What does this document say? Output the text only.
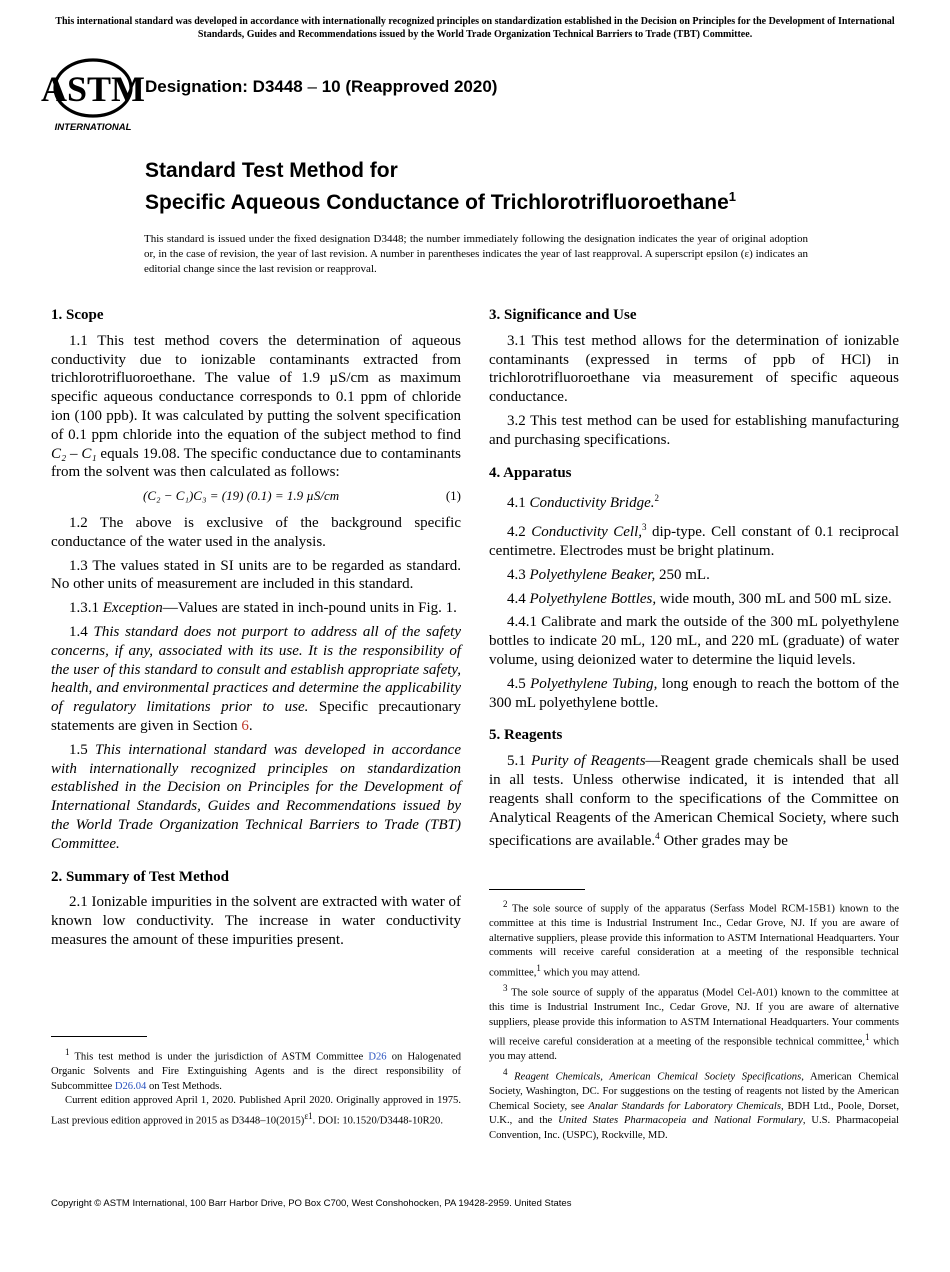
This international standard was developed in accordance with internationally recognized principles on standardization established in the Decision on Principles for the Development of International Standards, Guides and Recommendations issued by the World Trade Organization Technical Barriers to Trade (TBT) Committee.
ASTM
INTERNATIONAL
Designation: D3448 – 10 (Reapproved 2020)
Standard Test Method for
Specific Aqueous Conductance of Trichlorotrifluoroethane$^1$
This standard is issued under the fixed designation D3448; the number immediately following the designation indicates the year of original adoption or, in the case of revision, the year of last revision. A number in parentheses indicates the year of last reapproval. A superscript epsilon (ε) indicates an editorial change since the last revision or reapproval.
1. Scope

1.1 This test method covers the determination of aqueous conductivity due to ionizable contaminants extracted from trichlorotrifluoroethane. The value of 1.9 µS/cm as maximum specific aqueous conductance corresponds to 0.1 ppm of chloride ion (100 ppb). It was calculated by putting the solvent specification of 0.1 ppm chloride into the equation of the subject method to find C₂ – C₁ equals 19.08. The specific conductance due to contaminants from the solvent was then calculated as follows:

(C₂ − C₁)C₃ = (19) (0.1) = 1.9 µS/cm	(1)

1.2 The above is exclusive of the background specific conductance of the water used in the analysis.

1.3 The values stated in SI units are to be regarded as standard. No other units of measurement are included in this standard.

1.3.1 Exception—Values are stated in inch-pound units in Fig. 1.

1.4 This standard does not purport to address all of the safety concerns, if any, associated with its use. It is the responsibility of the user of this standard to consult and establish appropriate safety, health, and environmental practices and determine the applicability of regulatory limitations prior to use. Specific precautionary statements are given in Section 6.

1.5 This international standard was developed in accordance with internationally recognized principles on standardization established in the Decision on Principles for the Development of International Standards, Guides and Recommendations issued by the World Trade Organization Technical Barriers to Trade (TBT) Committee.

2. Summary of Test Method

2.1 Ionizable impurities in the solvent are extracted with water of known low conductivity. The increase in water conductivity measures the amount of these impurities present.

$^1$ This test method is under the jurisdiction of ASTM Committee D26 on Halogenated Organic Solvents and Fire Extinguishing Agents and is the direct responsibility of Subcommittee D26.04 on Test Methods.

Current edition approved April 1, 2020. Published April 2020. Originally approved in 1975. Last previous edition approved in 2015 as D3448–10(2015)$^{\varepsilon 1}$. DOI: 10.1520/D3448-10R20.

3. Significance and Use

3.1 This test method allows for the determination of ionizable contaminants (expressed in terms of ppb of HCl) in trichlorotrifluoroethane via measurement of specific aqueous conductance.

3.2 This test method can be used for establishing manufacturing and purchasing specifications.

4. Apparatus

4.1 Conductivity Bridge.$^2$

4.2 Conductivity Cell,$^3$ dip-type. Cell constant of 0.1 reciprocal centimetre. Electrodes must be bright platinum.

4.3 Polyethylene Beaker, 250 mL.

4.4 Polyethylene Bottles, wide mouth, 300 mL and 500 mL size.

4.4.1 Calibrate and mark the outside of the 300 mL polyethylene bottles to indicate 20 mL, 120 mL, and 220 mL (graduate) of water volume, using deionized water to determine the liquid levels.

4.5 Polyethylene Tubing, long enough to reach the bottom of the 300 mL polyethylene bottle.

5. Reagents

5.1 Purity of Reagents—Reagent grade chemicals shall be used in all tests. Unless otherwise indicated, it is intended that all reagents shall conform to the specifications of the Committee on Analytical Reagents of the American Chemical Society, where such specifications are available.$^4$ Other grades may be

$^2$ The sole source of supply of the apparatus (Serfass Model RCM-15B1) known to the committee at this time is Industrial Instrument Inc., Cedar Grove, NJ. If you are aware of alternative suppliers, please provide this information to ASTM International Headquarters. Your comments will receive careful consideration at a meeting of the responsible technical committee,$^1$ which you may attend.

$^3$ The sole source of supply of the apparatus (Model Cel-A01) known to the committee at this time is Industrial Instrument Inc., Cedar Grove, NJ. If you are aware of alternative suppliers, please provide this information to ASTM International Headquarters. Your comments will receive careful consideration at a meeting of the responsible technical committee,$^1$ which you may attend.

$^4$ Reagent Chemicals, American Chemical Society Specifications, American Chemical Society, Washington, DC. For suggestions on the testing of reagents not listed by the American Chemical Society, see Analar Standards for Laboratory Chemicals, BDH Ltd., Poole, Dorset, U.K., and the United States Pharmacopeia and National Formulary, U.S. Pharmacopeial Convention, Inc. (USPC), Rockville, MD.

Copyright © ASTM International, 100 Barr Harbor Drive, PO Box C700, West Conshohocken, PA 19428-2959. United States
